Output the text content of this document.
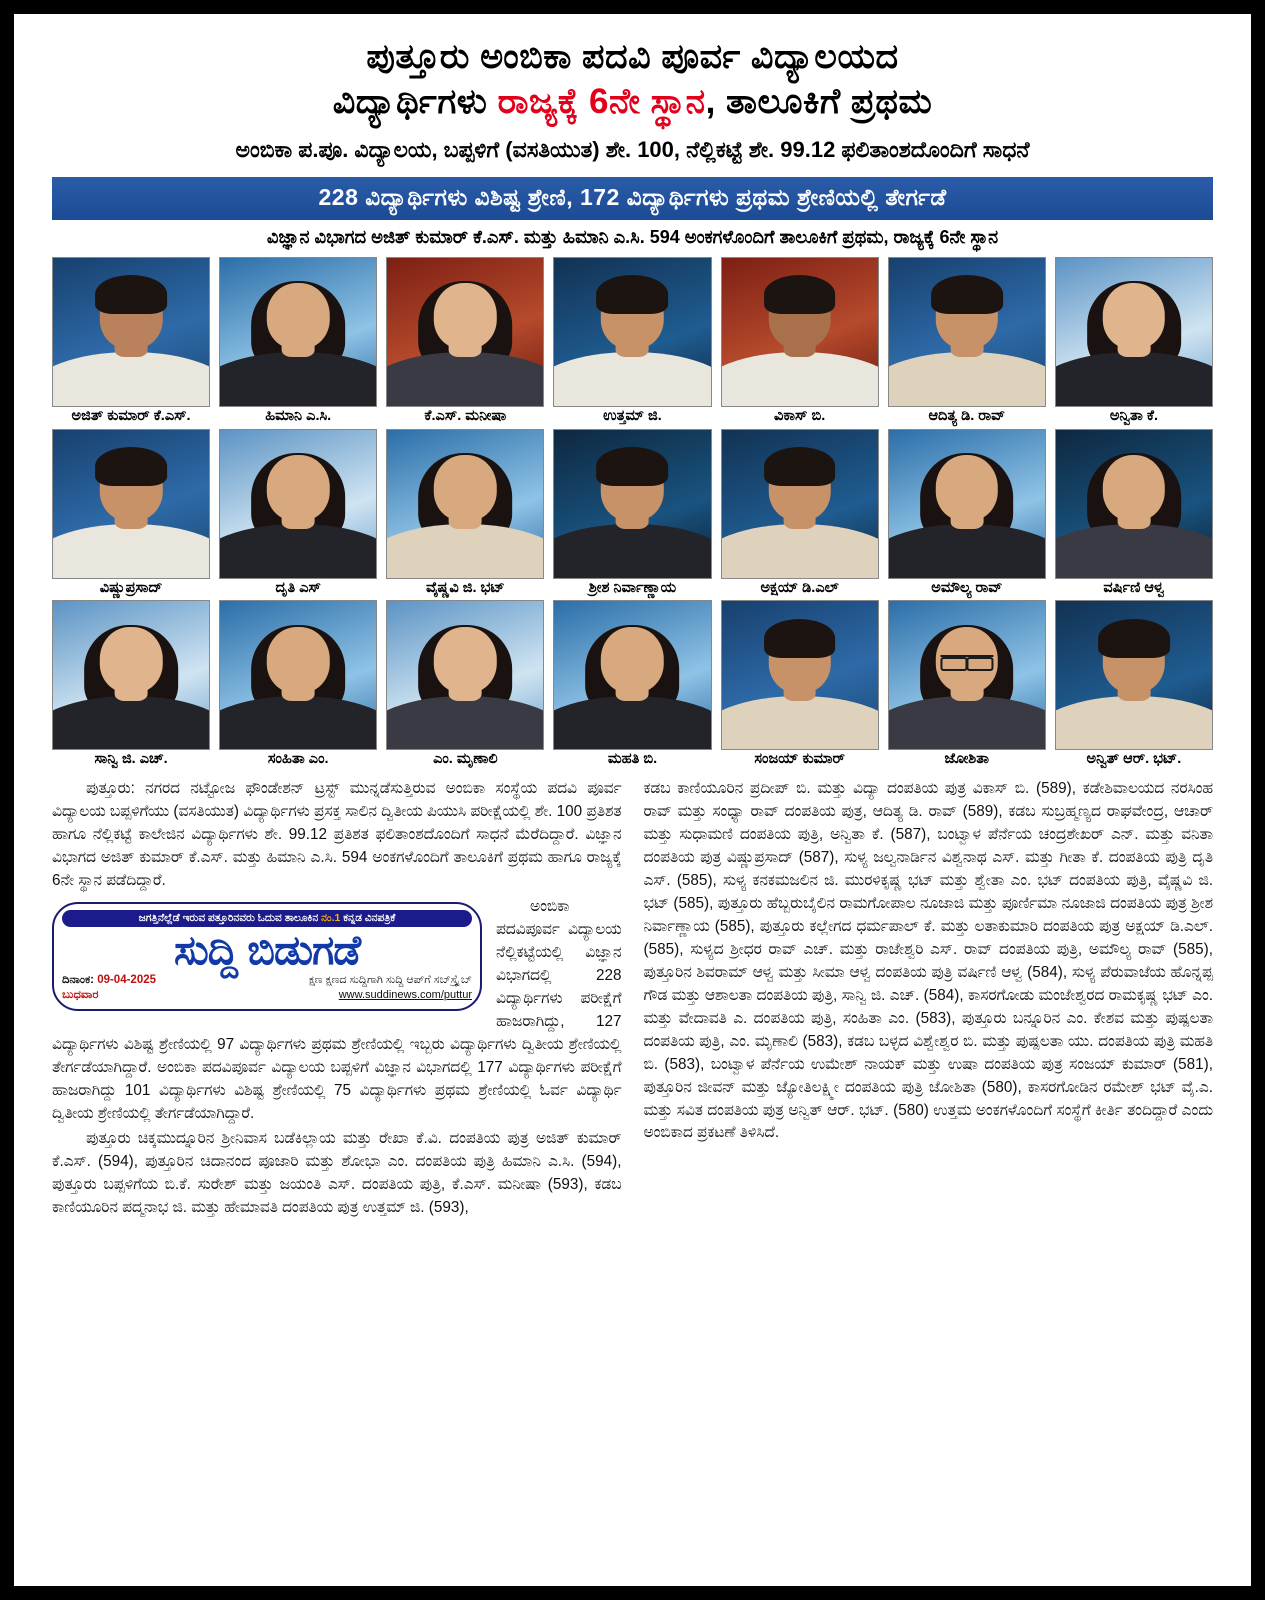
ಪುತ್ತೂರು ಅಂಬಿಕಾ ಪದವಿ ಪೂರ್ವ ವಿದ್ಯಾಲಯದ
ವಿದ್ಯಾರ್ಥಿಗಳು ರಾಜ್ಯಕ್ಕೆ 6ನೇ ಸ್ಥಾನ, ತಾಲೂಕಿಗೆ ಪ್ರಥಮ
ಅಂಬಿಕಾ ಪ.ಪೂ. ವಿದ್ಯಾಲಯ, ಬಪ್ಪಳಿಗೆ (ವಸತಿಯುತ) ಶೇ. 100, ನೆಲ್ಲಿಕಟ್ಟೆ ಶೇ. 99.12 ಫಲಿತಾಂಶದೊಂದಿಗೆ ಸಾಧನೆ
228 ವಿದ್ಯಾರ್ಥಿಗಳು ವಿಶಿಷ್ಟ ಶ್ರೇಣಿ, 172 ವಿದ್ಯಾರ್ಥಿಗಳು ಪ್ರಥಮ ಶ್ರೇಣಿಯಲ್ಲಿ ತೇರ್ಗಡೆ
ವಿಜ್ಞಾನ ವಿಭಾಗದ ಅಜಿತ್ ಕುಮಾರ್ ಕೆ.ಎಸ್. ಮತ್ತು ಹಿಮಾನಿ ಎ.ಸಿ. 594 ಅಂಕಗಳೊಂದಿಗೆ ತಾಲೂಕಿಗೆ ಪ್ರಥಮ, ರಾಜ್ಯಕ್ಕೆ 6ನೇ ಸ್ಥಾನ
ಅಜಿತ್ ಕುಮಾರ್ ಕೆ.ಎಸ್.	ಹಿಮಾನಿ ಎ.ಸಿ.	ಕೆ.ಎಸ್. ಮನೀಷಾ	ಉತ್ತಮ್ ಜಿ.	ವಿಕಾಸ್ ಬಿ.	ಆದಿತ್ಯ ಡಿ. ರಾವ್	ಅನ್ವಿತಾ ಕೆ.
ವಿಷ್ಣುಪ್ರಸಾದ್	ದೃತಿ ಎಸ್	ವೈಷ್ಣವಿ ಜಿ. ಭಟ್	ಶ್ರೀಶ ನಿರ್ವಾಣ್ಣಾಯ	ಅಕ್ಷಯ್ ಡಿ.ಎಲ್	ಅಮೌಲ್ಯ ರಾವ್	ವರ್ಷಿಣಿ ಆಳ್ವ
ಸಾನ್ವಿ ಜಿ. ಎಚ್.	ಸಂಹಿತಾ ಎಂ.	ಎಂ. ಮೃಣಾಲಿ	ಮಹತಿ ಬಿ.	ಸಂಜಯ್ ಕುಮಾರ್	ಜೋಶಿತಾ	ಅನ್ವಿತ್ ಆರ್. ಭಟ್.

ಪುತ್ತೂರು: ನಗರದ ನಟ್ಟೋಜ ಫೌಂಡೇಶನ್ ಟ್ರಸ್ಟ್ ಮುನ್ನಡೆಸುತ್ತಿರುವ ಅಂಬಿಕಾ ಸಂಸ್ಥೆಯ ಪದವಿ ಪೂರ್ವ ವಿದ್ಯಾಲಯ ಬಪ್ಪಳಿಗೆಯು (ವಸತಿಯುತ) ವಿದ್ಯಾರ್ಥಿಗಳು ಪ್ರಸಕ್ತ ಸಾಲಿನ ದ್ವಿತೀಯ ಪಿಯುಸಿ ಪರೀಕ್ಷೆಯಲ್ಲಿ ಶೇ. 100 ಪ್ರತಿಶತ ಹಾಗೂ ನೆಲ್ಲಿಕಟ್ಟೆ ಕಾಲೇಜಿನ ವಿದ್ಯಾರ್ಥಿಗಳು ಶೇ. 99.12 ಪ್ರತಿಶತ ಫಲಿತಾಂಶದೊಂದಿಗೆ ಸಾಧನೆ ಮೆರೆದಿದ್ದಾರೆ. ವಿಜ್ಞಾನ ವಿಭಾಗದ ಅಜಿತ್ ಕುಮಾರ್ ಕೆ.ಎಸ್. ಮತ್ತು ಹಿಮಾನಿ ಎ.ಸಿ. 594 ಅಂಕಗಳೊಂದಿಗೆ ತಾಲೂಕಿಗೆ ಪ್ರಥಮ ಹಾಗೂ ರಾಜ್ಯಕ್ಕೆ 6ನೇ ಸ್ಥಾನ ಪಡೆದಿದ್ದಾರೆ.

ಜಗತ್ತಿನೆಲ್ಲೆಡೆ ಇರುವ ಪತ್ತೂರಿನವರು ಓದುವ ತಾಲೂಕಿನ ನಂ.1 ಕನ್ನಡ ವಿನಪತ್ರಿಕೆ
ಸುದ್ದಿ ಬಿಡುಗಡೆ
ದಿನಾಂಕ: 09-04-2025
ಬುಧವಾರ
ಕ್ಷಣ ಕ್ಷಣದ ಸುದ್ದಿಗಾಗಿ ಸುದ್ದಿ ಆಪ್‌ಗೆ ಸಬ್‌ಸ್ಕ್ರೈಬ್
www.suddinews.com/puttur

ಅಂಬಿಕಾ ಪದವಿಪೂರ್ವ ವಿದ್ಯಾಲಯ ನೆಲ್ಲಿಕಟ್ಟೆಯಲ್ಲಿ ವಿಜ್ಞಾನ ವಿಭಾಗದಲ್ಲಿ 228 ವಿದ್ಯಾರ್ಥಿಗಳು ಪರೀಕ್ಷೆಗೆ ಹಾಜರಾಗಿದ್ದು, 127 ವಿದ್ಯಾರ್ಥಿಗಳು ವಿಶಿಷ್ಟ ಶ್ರೇಣಿಯಲ್ಲಿ 97 ವಿದ್ಯಾರ್ಥಿಗಳು ಪ್ರಥಮ ಶ್ರೇಣಿಯಲ್ಲಿ ಇಬ್ಬರು ವಿದ್ಯಾರ್ಥಿಗಳು ದ್ವಿತೀಯ ಶ್ರೇಣಿಯಲ್ಲಿ ತೇರ್ಗಡೆಯಾಗಿದ್ದಾರೆ. ಅಂಬಿಕಾ ಪದವಿಪೂರ್ವ ವಿದ್ಯಾಲಯ ಬಪ್ಪಳಿಗೆ ವಿಜ್ಞಾನ ವಿಭಾಗದಲ್ಲಿ 177 ವಿದ್ಯಾರ್ಥಿಗಳು ಪರೀಕ್ಷೆಗೆ ಹಾಜರಾಗಿದ್ದು 101 ವಿದ್ಯಾರ್ಥಿಗಳು ವಿಶಿಷ್ಟ ಶ್ರೇಣಿಯಲ್ಲಿ 75 ವಿದ್ಯಾರ್ಥಿಗಳು ಪ್ರಥಮ ಶ್ರೇಣಿಯಲ್ಲಿ ಓರ್ವ ವಿದ್ಯಾರ್ಥಿ ದ್ವಿತೀಯ ಶ್ರೇಣಿಯಲ್ಲಿ ತೇರ್ಗಡೆಯಾಗಿದ್ದಾರೆ.

ಪುತ್ತೂರು ಚಿಕ್ಕಮುದ್ನೂರಿನ ಶ್ರೀನಿವಾಸ ಬಡೆಕಿಲ್ಲಾಯ ಮತ್ತು ರೇಖಾ ಕೆ.ವಿ. ದಂಪತಿಯ ಪುತ್ರ ಅಜಿತ್ ಕುಮಾರ್ ಕೆ.ಎಸ್. (594), ಪುತ್ತೂರಿನ ಚಿದಾನಂದ ಪೂಜಾರಿ ಮತ್ತು ಶೋಭಾ ಎಂ. ದಂಪತಿಯ ಪುತ್ರಿ ಹಿಮಾನಿ ಎ.ಸಿ. (594), ಪುತ್ತೂರು ಬಪ್ಪಳಿಗೆಯ ಬಿ.ಕೆ. ಸುರೇಶ್ ಮತ್ತು ಜಯಂತಿ ಎಸ್. ದಂಪತಿಯ ಪುತ್ರಿ, ಕೆ.ಎಸ್. ಮನೀಷಾ (593), ಕಡಬ ಕಾಣಿಯೂರಿನ ಪದ್ಮನಾಭ ಜಿ. ಮತ್ತು ಹೇಮಾವತಿ ದಂಪತಿಯ ಪುತ್ರ ಉತ್ತಮ್ ಜಿ. (593),

ಕಡಬ ಕಾಣಿಯೂರಿನ ಪ್ರದೀಪ್ ಬಿ. ಮತ್ತು ವಿದ್ಯಾ ದಂಪತಿಯ ಪುತ್ರ ವಿಕಾಸ್ ಬಿ. (589), ಕಡೇಶಿವಾಲಯದ ನರಸಿಂಹ ರಾವ್ ಮತ್ತು ಸಂಧ್ಯಾ ರಾವ್ ದಂಪತಿಯ ಪುತ್ರ, ಆದಿತ್ಯ ಡಿ. ರಾವ್ (589), ಕಡಬ ಸುಬ್ರಹ್ಮಣ್ಯದ ರಾಘವೇಂದ್ರ, ಆಚಾರ್ ಮತ್ತು ಸುಧಾಮಣಿ ದಂಪತಿಯ ಪುತ್ರಿ, ಅನ್ವಿತಾ ಕೆ. (587), ಬಂಟ್ವಾಳ ಪೆರ್ನೆಯ ಚಂದ್ರಶೇಖರ್ ಎನ್. ಮತ್ತು ವನಿತಾ ದಂಪತಿಯ ಪುತ್ರ ವಿಷ್ಣುಪ್ರಸಾದ್ (587), ಸುಳ್ಯ ಜಲ್ವನಾರ್ಡಿನ ವಿಶ್ವನಾಥ ಎಸ್. ಮತ್ತು ಗೀತಾ ಕೆ. ದಂಪತಿಯ ಪುತ್ರಿ ದೃತಿ ಎಸ್. (585), ಸುಳ್ಯ ಕನಕಮಜಲಿನ ಜಿ. ಮುರಳಿಕೃಷ್ಣ ಭಟ್ ಮತ್ತು ಶ್ವೇತಾ ಎಂ. ಭಟ್ ದಂಪತಿಯ ಪುತ್ರಿ, ವೈಷ್ಣವಿ ಜಿ. ಭಟ್ (585), ಪುತ್ತೂರು ಹೆಬ್ಬರುಬೈಲಿನ ರಾಮಗೋಪಾಲ ನೂಜಾಜಿ ಮತ್ತು ಪೂರ್ಣಿಮಾ ನೂಜಾಜಿ ದಂಪತಿಯ ಪುತ್ರ ಶ್ರೀಶ ನಿರ್ವಾಣ್ಣಾಯ (585), ಪುತ್ತೂರು ಕಲ್ಲೇಗದ ಧರ್ಮಪಾಲ್ ಕೆ. ಮತ್ತು ಲತಾಕುಮಾರಿ ದಂಪತಿಯ ಪುತ್ರ ಅಕ್ಷಯ್ ಡಿ.ಎಲ್. (585), ಸುಳ್ಯದ ಶ್ರೀಧರ ರಾವ್ ಎಚ್. ಮತ್ತು ರಾಜೇಶ್ವರಿ ಎಸ್. ರಾವ್ ದಂಪತಿಯ ಪುತ್ರಿ, ಅಮೌಲ್ಯ ರಾವ್ (585), ಪುತ್ತೂರಿನ ಶಿವರಾಮ್ ಆಳ್ವ ಮತ್ತು ಸೀಮಾ ಆಳ್ವ ದಂಪತಿಯ ಪುತ್ರಿ ವರ್ಷಿಣಿ ಆಳ್ವ (584), ಸುಳ್ಯ ಪೆರುವಾಜೆಯ ಹೊನ್ನಪ್ಪ ಗೌಡ ಮತ್ತು ಆಶಾಲತಾ ದಂಪತಿಯ ಪುತ್ರಿ, ಸಾನ್ವಿ ಜಿ. ಎಚ್. (584), ಕಾಸರಗೋಡು ಮಂಜೇಶ್ವರದ ರಾಮಕೃಷ್ಣ ಭಟ್ ಎಂ. ಮತ್ತು ವೇದಾವತಿ ಎ. ದಂಪತಿಯ ಪುತ್ರಿ, ಸಂಹಿತಾ ಎಂ. (583), ಪುತ್ತೂರು ಬನ್ನೂರಿನ ಎಂ. ಕೇಶವ ಮತ್ತು ಪುಷ್ಪಲತಾ ದಂಪತಿಯ ಪುತ್ರಿ, ಎಂ. ಮೃಣಾಲಿ (583), ಕಡಬ ಬಳ್ಳದ ವಿಶ್ವೇಶ್ವರ ಬಿ. ಮತ್ತು ಪುಷ್ಪಲತಾ ಯು. ದಂಪತಿಯ ಪುತ್ರಿ ಮಹತಿ ಬಿ. (583), ಬಂಟ್ವಾಳ ಪೆರ್ನೆಯ ಉಮೇಶ್ ನಾಯಕ್ ಮತ್ತು ಉಷಾ ದಂಪತಿಯ ಪುತ್ರ ಸಂಜಯ್ ಕುಮಾರ್ (581), ಪುತ್ತೂರಿನ ಜೀವನ್ ಮತ್ತು ಜ್ಯೋತಿಲಕ್ಷ್ಮೀ ದಂಪತಿಯ ಪುತ್ರಿ ಜೋಶಿತಾ (580), ಕಾಸರಗೋಡಿನ ರಮೇಶ್ ಭಟ್ ವೈ.ಎ. ಮತ್ತು ಸವಿತ ದಂಪತಿಯ ಪುತ್ರ ಅನ್ವಿತ್ ಆರ್. ಭಟ್. (580) ಉತ್ತಮ ಅಂಕಗಳೊಂದಿಗೆ ಸಂಸ್ಥೆಗೆ ಕೀರ್ತಿ ತಂದಿದ್ದಾರೆ ಎಂದು ಅಂಬಿಕಾದ ಪ್ರಕಟಣೆ ತಿಳಿಸಿದೆ.
